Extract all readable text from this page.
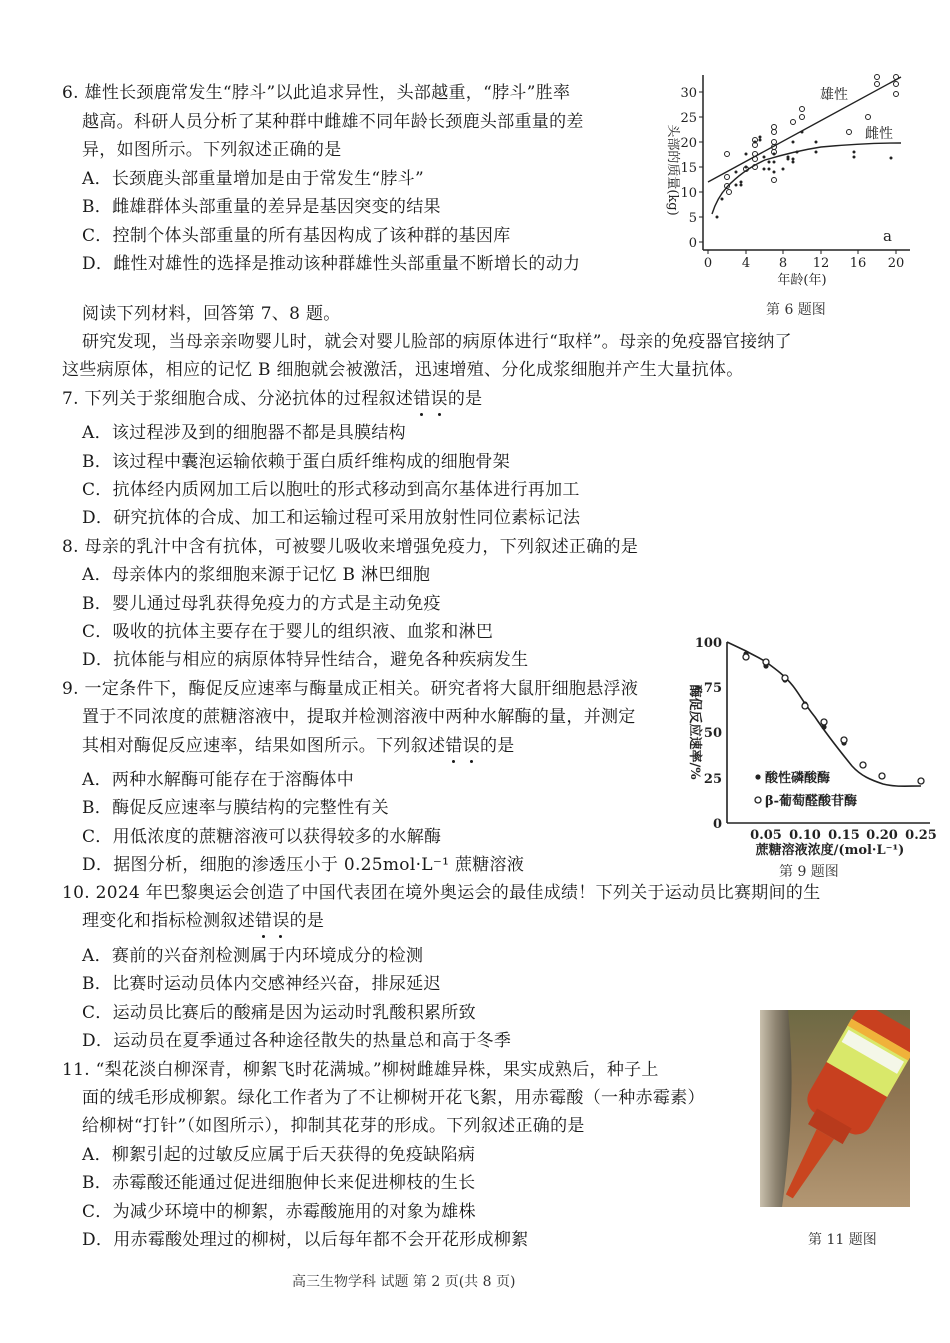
6. 雄性长颈鹿常发生“脖斗”以此追求异性，头部越重，“脖斗”胜率
越高。科研人员分析了某种群中雌雄不同年龄长颈鹿头部重量的差
异，如图所示。下列叙述正确的是
A．长颈鹿头部重量增加是由于常发生“脖斗”
B．雌雄群体头部重量的差异是基因突变的结果
C．控制个体头部重量的所有基因构成了该种群的基因库
D．雌性对雄性的选择是推动该种群雄性头部重量不断增长的动力
0
5
10
15
20
25
30
0 4 8 12 16 20
年龄(年)
头部的质量(kg)
雄性
雌性
a
第 6 题图
阅读下列材料，回答第 7、8 题。
研究发现，当母亲亲吻婴儿时，就会对婴儿脸部的病原体进行“取样”。母亲的免疫器官接纳了
这些病原体，相应的记忆 B 细胞就会被激活，迅速增殖、分化成浆细胞并产生大量抗体。
7. 下列关于浆细胞合成、分泌抗体的过程叙述错误的是
A．该过程涉及到的细胞器不都是具膜结构
B．该过程中囊泡运输依赖于蛋白质纤维构成的细胞骨架
C．抗体经内质网加工后以胞吐的形式移动到高尔基体进行再加工
D．研究抗体的合成、加工和运输过程可采用放射性同位素标记法
8. 母亲的乳汁中含有抗体，可被婴儿吸收来增强免疫力，下列叙述正确的是
A．母亲体内的浆细胞来源于记忆 B 淋巴细胞
B．婴儿通过母乳获得免疫力的方式是主动免疫
C．吸收的抗体主要存在于婴儿的组织液、血浆和淋巴
D．抗体能与相应的病原体特异性结合，避免各种疾病发生
9. 一定条件下，酶促反应速率与酶量成正相关。研究者将大鼠肝细胞悬浮液
置于不同浓度的蔗糖溶液中，提取并检测溶液中两种水解酶的量，并测定
其相对酶促反应速率，结果如图所示。下列叙述错误的是
A．两种水解酶可能存在于溶酶体中
B．酶促反应速率与膜结构的完整性有关
C．用低浓度的蔗糖溶液可以获得较多的水解酶
D．据图分析，细胞的渗透压小于 0.25mol·L⁻¹ 蔗糖溶液
0
25
50
75
100
0.05 0.10 0.15 0.20 0.25
酶促反应速率/%	酸性磷酸酶
β-葡萄醛酸苷酶
蔗糖溶液浓度/(mol·L⁻¹)
第 9 题图
10. 2024 年巴黎奥运会创造了中国代表团在境外奥运会的最佳成绩！下列关于运动员比赛期间的生
理变化和指标检测叙述错误的是
A．赛前的兴奋剂检测属于内环境成分的检测
B．比赛时运动员体内交感神经兴奋，排尿延迟
C．运动员比赛后的酸痛是因为运动时乳酸积累所致
D．运动员在夏季通过各种途径散失的热量总和高于冬季
11. “梨花淡白柳深青，柳絮飞时花满城。”柳树雌雄异株，果实成熟后，种子上
面的绒毛形成柳絮。绿化工作者为了不让柳树开花飞絮，用赤霉酸（一种赤霉素）
给柳树“打针”（如图所示），抑制其花芽的形成。下列叙述正确的是
A．柳絮引起的过敏反应属于后天获得的免疫缺陷病
B．赤霉酸还能通过促进细胞伸长来促进柳枝的生长
C．为减少环境中的柳絮，赤霉酸施用的对象为雄株
D．用赤霉酸处理过的柳树，以后每年都不会开花形成柳絮	第 11 题图
高三生物学科 试题 第 2 页(共 8 页)
